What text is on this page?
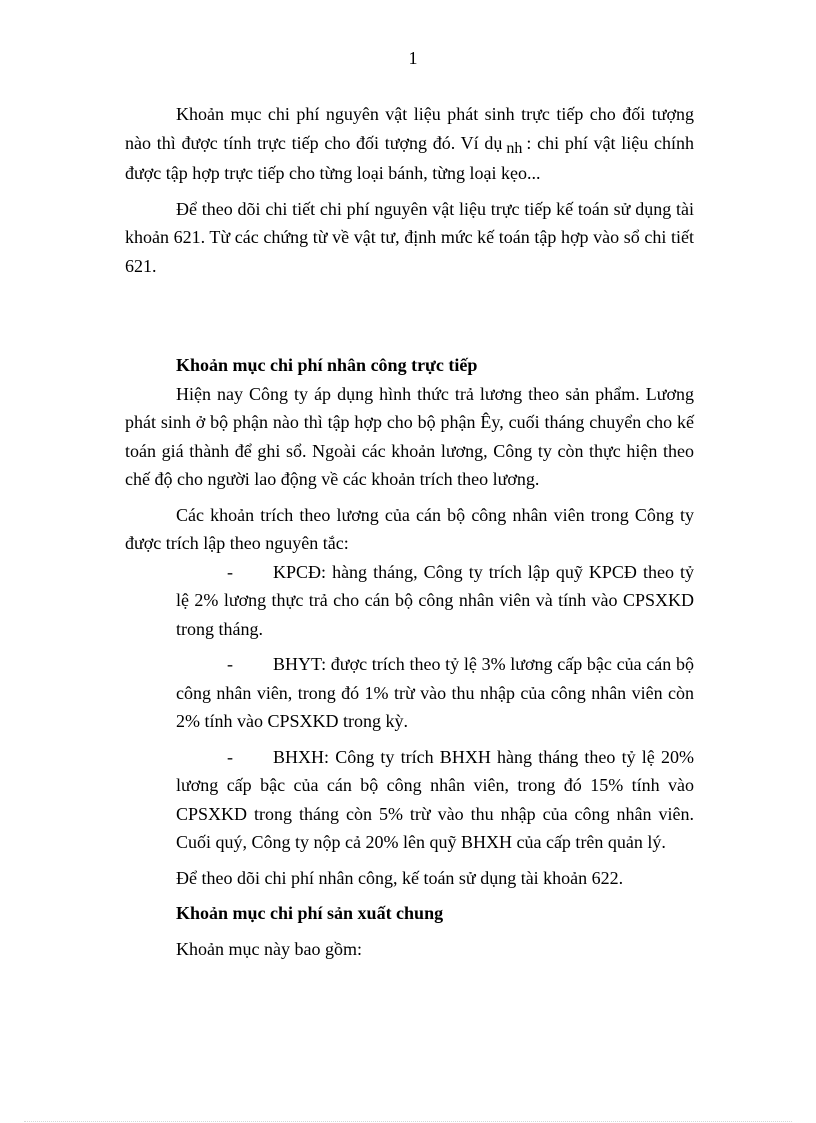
1

Khoản mục chi phí nguyên vật liệu phát sinh trực tiếp cho đối tượng nào thì được tính trực tiếp cho đối tượng đó. Ví dụ nh : chi phí vật liệu chính được tập hợp trực tiếp cho từng loại bánh, từng loại kẹo...

Để theo dõi chi tiết chi phí nguyên vật liệu trực tiếp kế toán sử dụng tài khoản 621. Từ các chứng từ về vật tư, định mức kế toán tập hợp vào sổ chi tiết 621.

Khoản mục chi phí nhân công trực tiếp

Hiện nay Công ty áp dụng hình thức trả lương theo sản phẩm. Lương phát sinh ở bộ phận nào thì tập hợp cho bộ phận Êy, cuối tháng chuyển cho kế toán giá thành để ghi sổ. Ngoài các khoản lương, Công ty còn thực hiện theo chế độ cho người lao động về các khoản trích theo lương.

Các khoản trích theo lương của cán bộ công nhân viên trong Công ty được trích lập theo nguyên tắc:

- KPCĐ: hàng tháng, Công ty trích lập quỹ KPCĐ theo tỷ lệ 2% lương thực trả cho cán bộ công nhân viên và tính vào CPSXKD trong tháng.

- BHYT: được trích theo tỷ lệ 3% lương cấp bậc của cán bộ công nhân viên, trong đó 1% trừ vào thu nhập của công nhân viên còn 2% tính vào CPSXKD trong kỳ.

- BHXH: Công ty trích BHXH hàng tháng theo tỷ lệ 20% lương cấp bậc của cán bộ công nhân viên, trong đó 15% tính vào CPSXKD trong tháng còn 5% trừ vào thu nhập của công nhân viên. Cuối quý, Công ty nộp cả 20% lên quỹ BHXH của cấp trên quản lý.

Để theo dõi chi phí nhân công, kế toán sử dụng tài khoản 622.

Khoản mục chi phí sản xuất chung

Khoản mục này bao gồm:
